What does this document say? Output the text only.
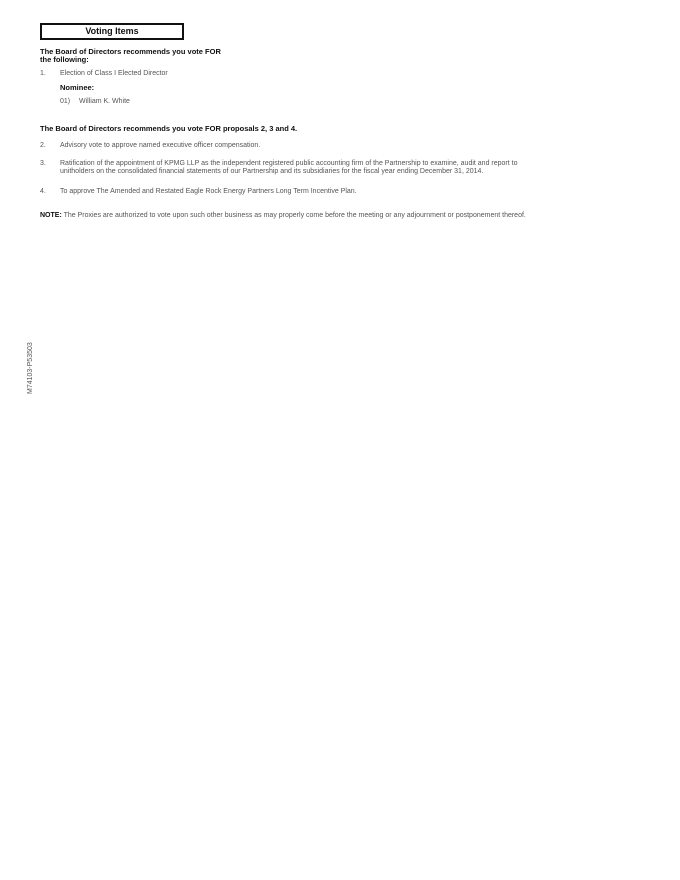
Voting Items
The Board of Directors recommends you vote FOR
the following:
1. Election of Class I Elected Director
Nominee:
01) William K. White
The Board of Directors recommends you vote FOR proposals 2, 3 and 4.
2. Advisory vote to approve named executive officer compensation.
3. Ratification of the appointment of KPMG LLP as the independent registered public accounting firm of the Partnership to examine, audit and report to
unitholders on the consolidated financial statements of our Partnership and its subsidiaries for the fiscal year ending December 31, 2014.
4. To approve The Amended and Restated Eagle Rock Energy Partners Long Term Incentive Plan.
NOTE: The Proxies are authorized to vote upon such other business as may properly come before the meeting or any adjournment or postponement thereof.
M74103-P53503
